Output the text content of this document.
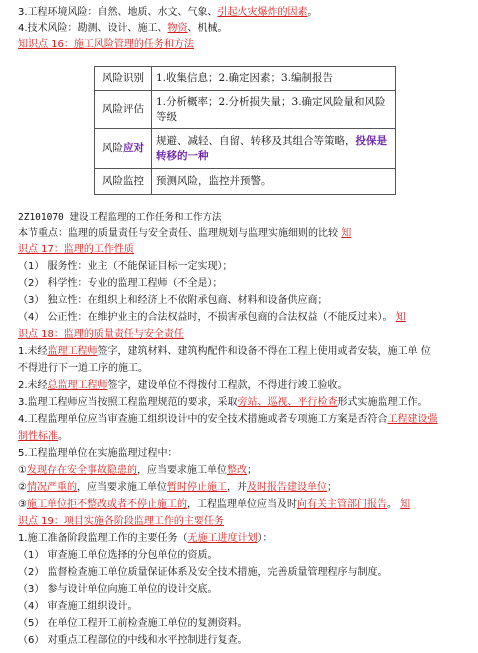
3.工程环境风险：自然、地质、水文、气象、引起火灾爆炸的因素。
4.技术风险：勘测、设计、施工、物资、机械。
知识点 16：施工风险管理的任务和方法
风险识别	1.收集信息；2.确定因素；3.编制报告
风险评估	1.分析概率；2.分析损失量；3.确定风险量和风险等级
风险应对	规避、减轻、自留、转移及其组合等策略，投保是转移的一种
风险监控	预测风险，监控并预警。
2Z101070 建设工程监理的工作任务和工作方法
本节重点：监理的质量责任与安全责任、监理规划与监理实施细则的比较 知
识点 17：监理的工作性质
（1） 服务性：业主（不能保证目标一定实现）；
（2） 科学性：专业的监理工程师（不全是）；
（3） 独立性：在组织上和经济上不依附承包商、材料和设备供应商；
（4） 公正性：在维护业主的合法权益时，不损害承包商的合法权益（不能反过来）。 知
识点 18：监理的质量责任与安全责任
1.未经监理工程师签字，建筑材料、建筑构配件和设备不得在工程上使用或者安装，施工单 位
不得进行下一道工序的施工。
2.未经总监理工程师签字，建设单位不得拨付工程款，不得进行竣工验收。
3.监理工程师应当按照工程监理规范的要求，采取旁站、巡视、平行检查形式实施监理工作。
4.工程监理单位应当审查施工组织设计中的安全技术措施或者专项施工方案是否符合工程建设强
制性标准。
5.工程监理单位在实施监理过程中：
①发现存在安全事故隐患的，应当要求施工单位整改；
②情况严重的，应当要求施工单位暂时停止施工，并及时报告建设单位；
③施工单位拒不整改或者不停止施工的，工程监理单位应当及时向有关主管部门报告。 知
识点 19：项目实施各阶段监理工作的主要任务
1.施工准备阶段监理工作的主要任务（无施工进度计划）：
（1） 审查施工单位选择的分包单位的资质。
（2） 监督检查施工单位质量保证体系及安全技术措施，完善质量管理程序与制度。
（3） 参与设计单位向施工单位的设计交底。
（4） 审查施工组织设计。
（5） 在单位工程开工前检查施工单位的复测资料。
（6） 对重点工程部位的中线和水平控制进行复查。
